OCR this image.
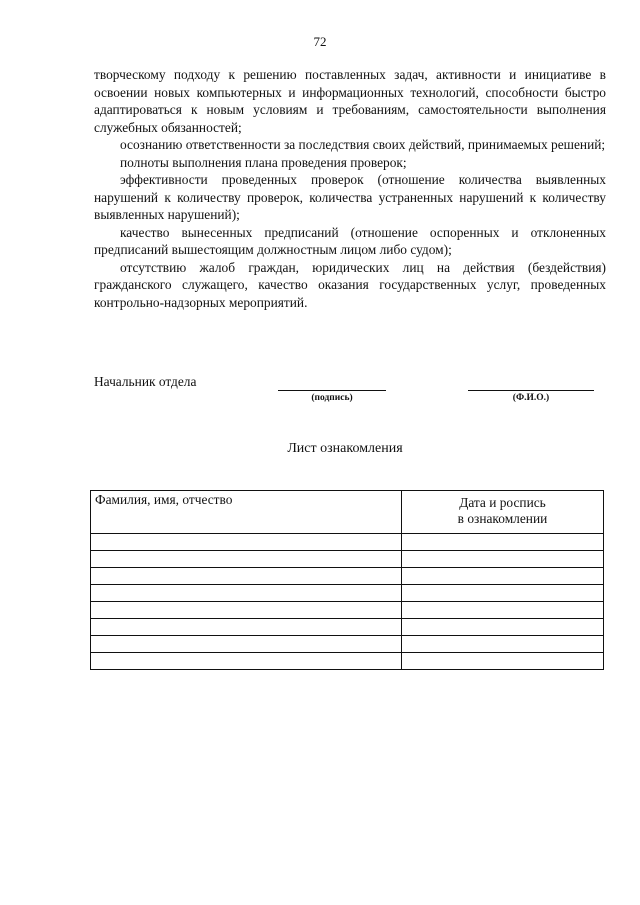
72

творческому подходу к решению поставленных задач, активности и инициативе в освоении новых компьютерных и информационных технологий, способности быстро адаптироваться к новым условиям и требованиям, самостоятельности выполнения служебных обязанностей;

осознанию ответственности за последствия своих действий, принимаемых решений;

полноты выполнения плана проведения проверок;

эффективности проведенных проверок (отношение количества выявленных нарушений к количеству проверок, количества устраненных нарушений к количеству выявленных нарушений);

качество вынесенных предписаний (отношение оспоренных и отклоненных предписаний вышестоящим должностным лицом либо судом);

отсутствию жалоб граждан, юридических лиц на действия (бездействия) гражданского служащего, качество оказания государственных услуг, проведенных контрольно-надзорных мероприятий.

Начальник отдела
(подпись)	(Ф.И.О.)
Лист ознакомления
Фамилия, имя, отчество	Дата и роспись
в ознакомлении
